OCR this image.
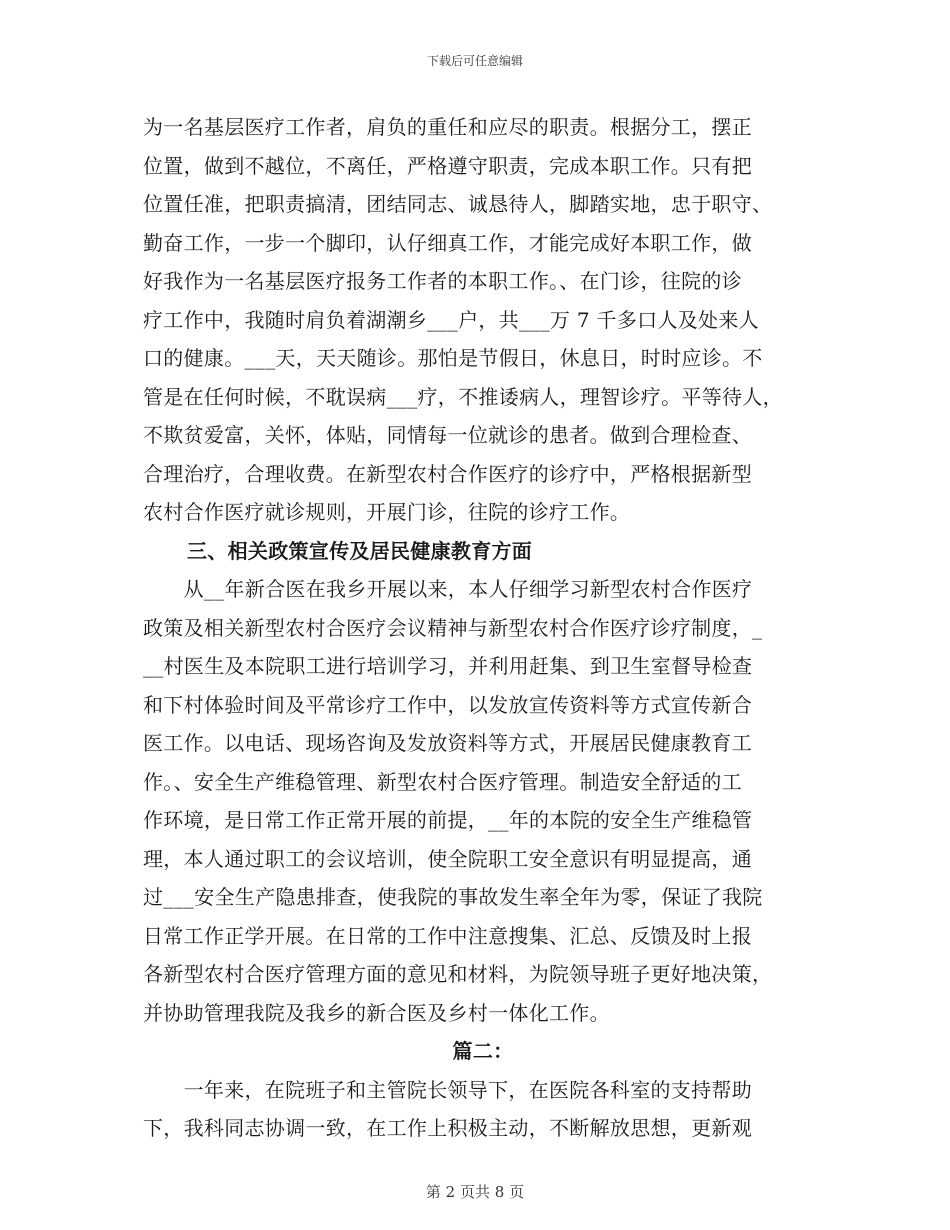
下载后可任意编辑
为一名基层医疗工作者，肩负的重任和应尽的职责。根据分工，摆正
位置，做到不越位，不离任，严格遵守职责，完成本职工作。只有把
位置任准，把职责搞清，团结同志、诚恳待人，脚踏实地，忠于职守、
勤奋工作，一步一个脚印，认仔细真工作，才能完成好本职工作，做
好我作为一名基层医疗报务工作者的本职工作。、在门诊，往院的诊
疗工作中，我随时肩负着湖潮乡___户，共___万 7 千多口人及处来人
口的健康。___天，天天随诊。那怕是节假日，休息日，时时应诊。不
管是在任何时候，不耽误病___疗，不推诿病人，理智诊疗。平等待人，
不欺贫爱富，关怀，体贴，同情每一位就诊的患者。做到合理检查、
合理治疗，合理收费。在新型农村合作医疗的诊疗中，严格根据新型
农村合作医疗就诊规则，开展门诊，往院的诊疗工作。
三、相关政策宣传及居民健康教育方面
　　从__年新合医在我乡开展以来，本人仔细学习新型农村合作医疗
政策及相关新型农村合医疗会议精神与新型农村合作医疗诊疗制度，_
__村医生及本院职工进行培训学习，并利用赶集、到卫生室督导检查
和下村体验时间及平常诊疗工作中，以发放宣传资料等方式宣传新合
医工作。以电话、现场咨询及发放资料等方式，开展居民健康教育工
作。、安全生产维稳管理、新型农村合医疗管理。制造安全舒适的工
作环境，是日常工作正常开展的前提，__年的本院的安全生产维稳管
理，本人通过职工的会议培训，使全院职工安全意识有明显提高，通
过___安全生产隐患排查，使我院的事故发生率全年为零，保证了我院
日常工作正学开展。在日常的工作中注意搜集、汇总、反馈及时上报
各新型农村合医疗管理方面的意见和材料，为院领导班子更好地决策，
并协助管理我院及我乡的新合医及乡村一体化工作。
篇二：
　　一年来，在院班子和主管院长领导下，在医院各科室的支持帮助
下，我科同志协调一致，在工作上积极主动，不断解放思想，更新观
第 2 页共 8 页
